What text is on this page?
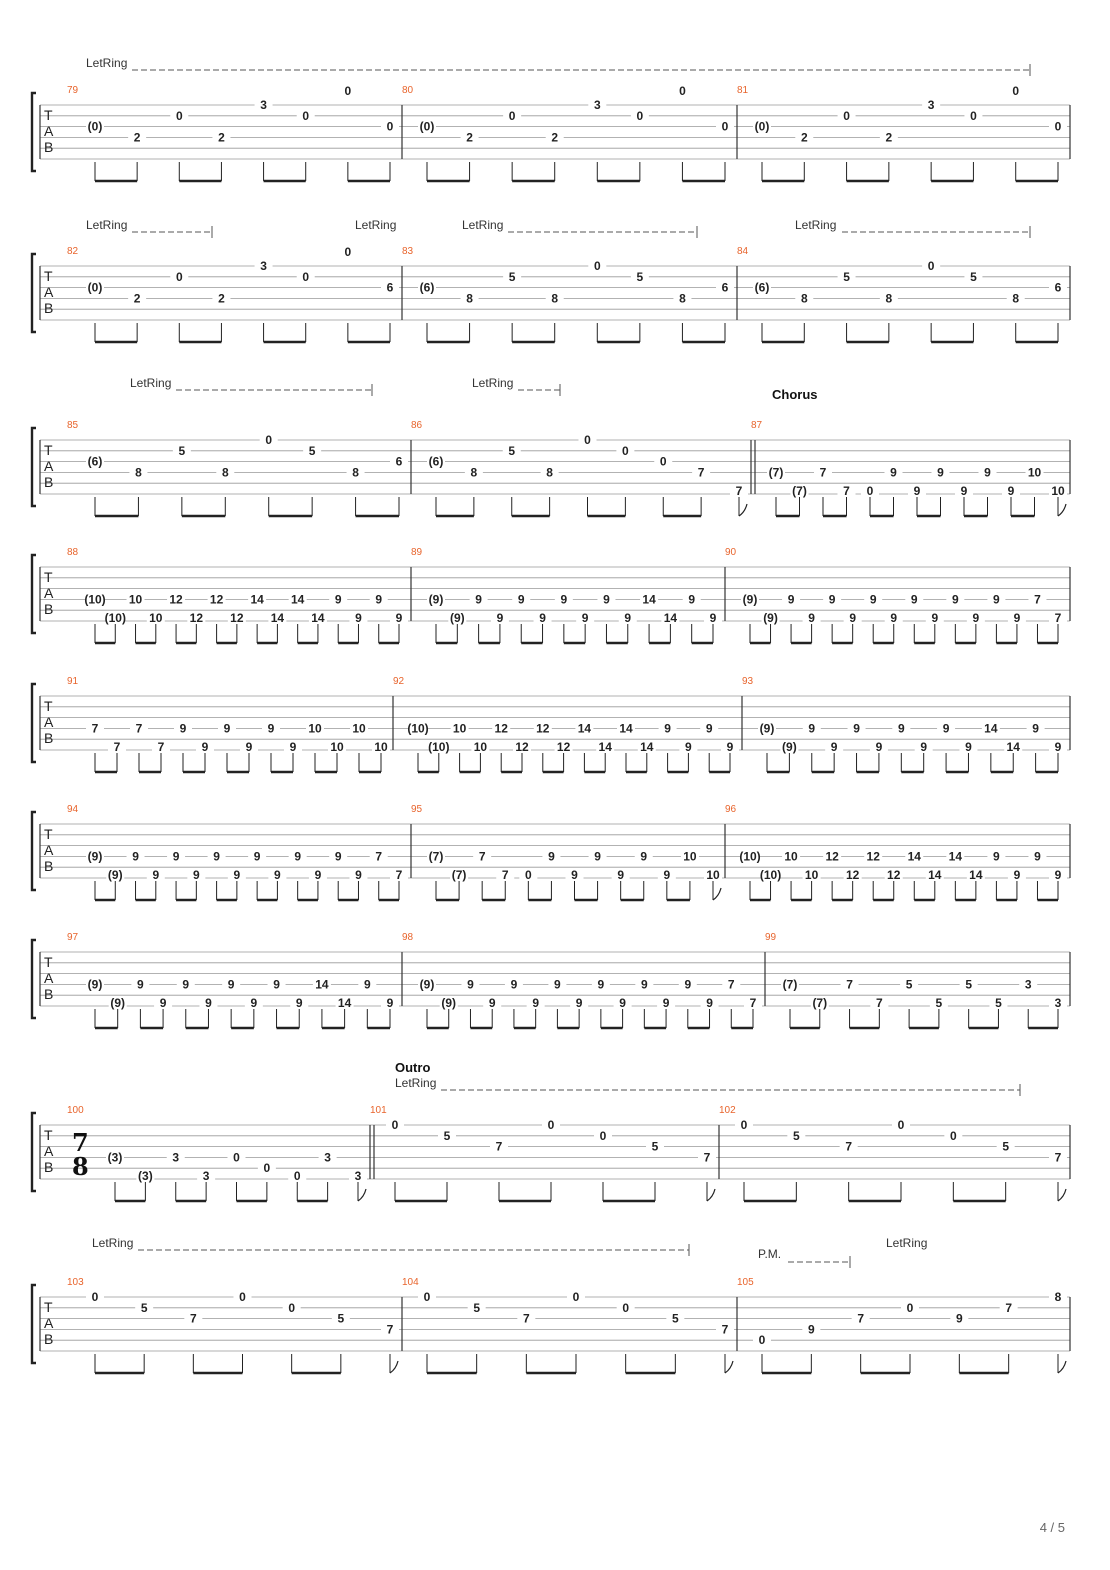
T
A
B
79
(0)
2
0
2
3
0
0
0
80
(0)
2
0
2
3
0
0
0
81
(0)
2
0
2
3
0
0
0
LetRing
T
A
B
82
(0)
2
0
2
3
0
0
6
83
(6)
8
5
8
0
5
8
6
84
(6)
8
5
8
0
5
8
6
LetRing	LetRing	LetRing	LetRing
T
A
B
Chorus
85
(6)
8
5
8
0
5
8
6
86
(6)
8
5
8
0
0
0
7
7
87
(7)
(7)
7
7 0
9
9
9
9
9
9
10
10
LetRing	LetRing
T
A
B
88
(10)
(10)
10
10
12
12
12
12
14
14
14
14
9
9
9
9
89
(9)
(9)
9
9
9
9
9
9
9
9
14
14
9
9
90
(9)
(9)
9
9
9
9
9
9
9
9
9
9
9
9
7
7
T
A
B
91
7
7
7
7
9
9
9
9
9
9
10
10
10
10
92
(10)
(10)
10
10
12
12
12
12
14
14
14
14
9
9
9
9
93
(9)
(9)
9
9
9
9
9
9
9
9
14
14
9
9
T
A
B
94
(9)
(9)
9
9
9
9
9
9
9
9
9
9
9
9
7
7
95
(7)
(7)
7
7 0
9
9
9
9
9
9
10
10
96
(10)
(10)
10
10
12
12
12
12
14
14
14
14
9
9
9
9
T
A
B
97
(9)
(9)
9
9
9
9
9
9
9
9
14
14
9
9
98
(9)
(9)
9
9
9
9
9
9
9
9
9
9
9
9
7
7
99
(7)
(7)
7
7
5
5
5
5
3
3
T
A
B
Outro
7
8
100
(3)
(3)
3
3
0
0
0
3
3
101
0
5
7
0
0
5
7
102
0
5
7
0
0
5
7
LetRing
T
A
B
103
0
5
7
0
0
5
7
104
0
5
7
0
0
5
7
105
0
9
7
0
9
7
8
LetRing	LetRing
P.M.
4 / 5
